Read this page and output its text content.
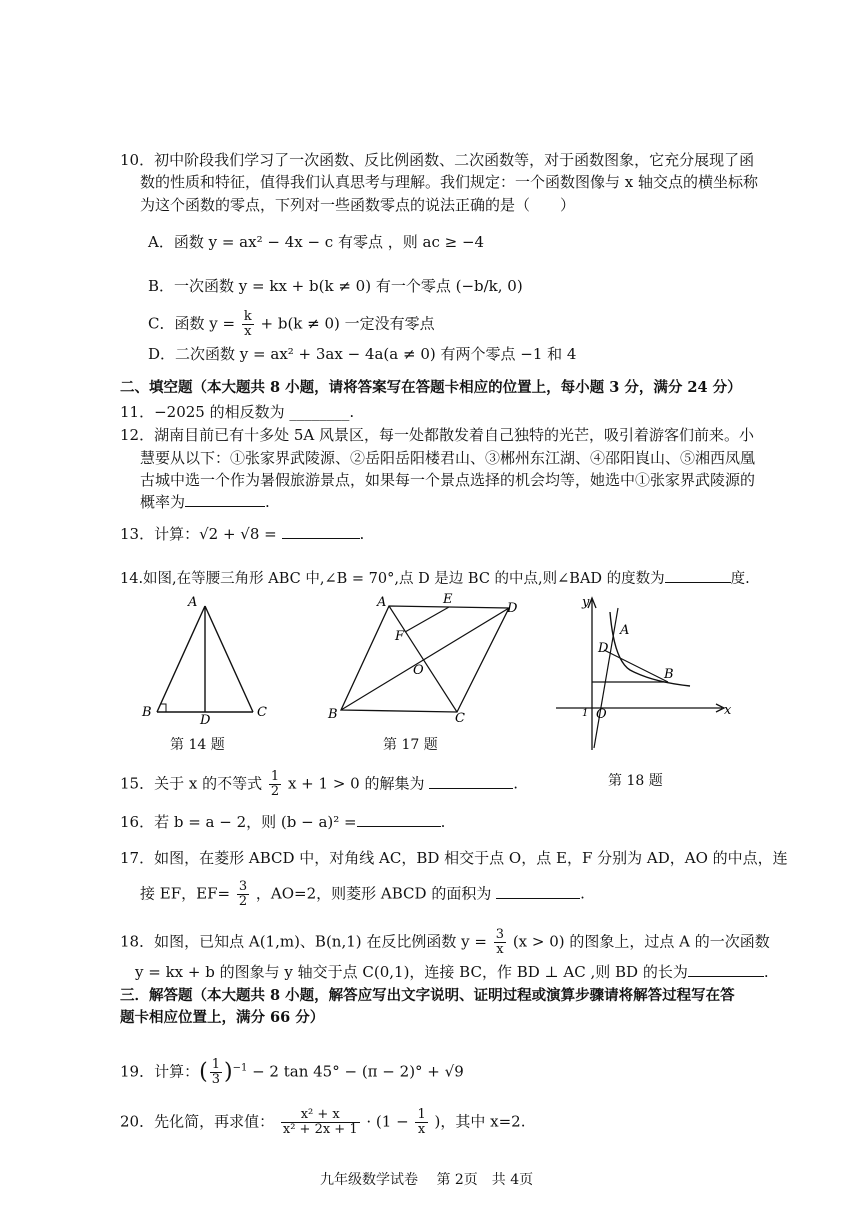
10．初中阶段我们学习了一次函数、反比例函数、二次函数等，对于函数图象，它充分展现了函
数的性质和特征，值得我们认真思考与理解。我们规定：一个函数图像与 x 轴交点的横坐标称
为这个函数的零点，下列对一些函数零点的说法正确的是（　　）
A．函数 y = ax² − 4x − c 有零点 ，则 ac ≥ −4
B．一次函数 y = kx + b(k ≠ 0) 有一个零点 (−b/k, 0)
C．函数 $y = \frac{k}{x} + b(k \ne 0)$ 一定没有零点
D．二次函数 y = ax² + 3ax − 4a(a ≠ 0) 有两个零点 −1 和 4
二、填空题（本大题共 8 小题，请将答案写在答题卡相应的位置上，每小题 3 分，满分 24 分）
11．−2025 的相反数为 ________.
12．湖南目前已有十多处 5A 风景区，每一处都散发着自己独特的光芒，吸引着游客们前来。小
慧要从以下：①张家界武陵源、②岳阳岳阳楼君山、③郴州东江湖、④邵阳崀山、⑤湘西凤凰
古城中选一个作为暑假旅游景点，如果每一个景点选择的机会均等，她选中①张家界武陵源的
概率为	.
13．计算：√2 + √8 =	.
14.如图,在等腰三角形 ABC 中,∠B = 70°,点 D 是边 BC 的中点,则∠BAD 的度数为	度.
A
B	C
D
第 14 题
A	E
D
F
O
B	C
第 17 题
y
x
A
D
B
O
1
第 18 题
15．关于 x 的不等式 $\frac{1}{2}$ x + 1 > 0 的解集为	.
16．若 b = a − 2，则 (b − a)² =	.
17．如图，在菱形 ABCD 中，对角线 AC，BD 相交于点 O，点 E，F 分别为 AD，AO 的中点，连
接 EF，$EF= \frac{3}{2}$ ，AO=2，则菱形 ABCD 的面积为	.
18．如图，已知点 A(1,m)、B(n,1) 在反比例函数 $y = \frac{3}{x} (x > 0)$ 的图象上，过点 A 的一次函数
y = kx + b 的图象与 y 轴交于点 C(0,1)，连接 BC，作 BD ⊥ AC ,则 BD 的长为	.
三．解答题（本大题共 8 小题，解答应写出文字说明、证明过程或演算步骤请将解答过程写在答
题卡相应位置上，满分 66 分）
19．计算：( $\frac{1}{3} )^{-1} - 2$ tan 45° − (π − 2)° + √9
20．先化简，再求值： $\frac{\text{x² + x}}{\text{x² + 2x + 1}} \cdot (1 - \frac{1}{x}$ )，其中 x=2.
九年级数学试卷　 第 2页　共 4页
